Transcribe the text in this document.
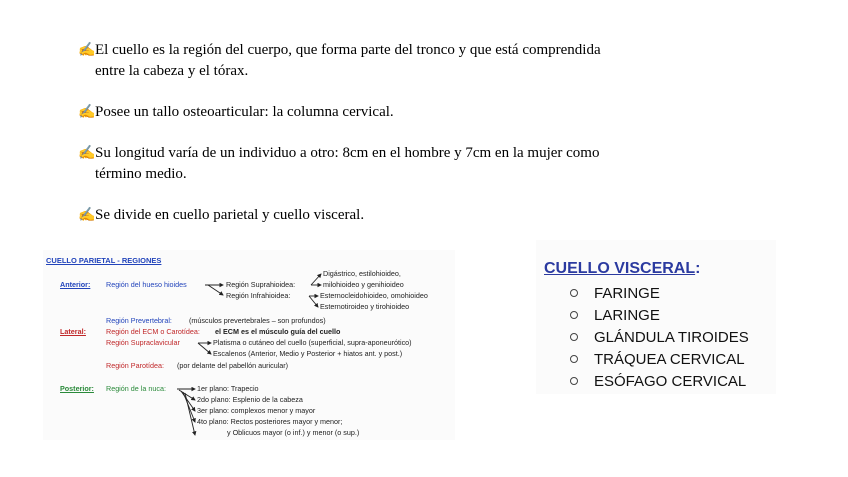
✍ El cuello es la región del cuerpo, que forma parte del tronco y que está comprendida
entre la cabeza y el tórax.
✍ Posee un tallo osteoarticular: la columna cervical.
✍ Su longitud varía de un individuo a otro: 8cm en el hombre y 7cm en la mujer como
término medio.
✍ Se divide en cuello parietal y cuello visceral.
CUELLO PARIETAL - REGIONES
Anterior: Región del hueso hioides	Región Suprahioidea:
Región Infrahioidea:
Digástrico, estilohioideo,
milohioideo y genihioideo
Esternocleidohioideo, omohioideo
Esternotiroideo y tirohioideo
Región Prevertebral: (músculos prevertebrales – son profundos)
Lateral:	Región del ECM o Carotídea: el ECM es el músculo guía del cuello
Región Supraclavicular	Platisma o cutáneo del cuello (superficial, supra-aponeurótico)
Escalenos (Anterior, Medio y Posterior + hiatos ant. y post.)
Región Parotídea: (por delante del pabellón auricular)
Posterior: Región de la nuca:	1er plano: Trapecio
2do plano: Esplenio de la cabeza
3er plano: complexos menor y mayor
4to plano: Rectos posteriores mayor y menor;
y Oblicuos mayor (o inf.) y menor (o sup.)
CUELLO VISCERAL:
FARINGE
LARINGE
GLÁNDULA TIROIDES
TRÁQUEA CERVICAL
ESÓFAGO CERVICAL
